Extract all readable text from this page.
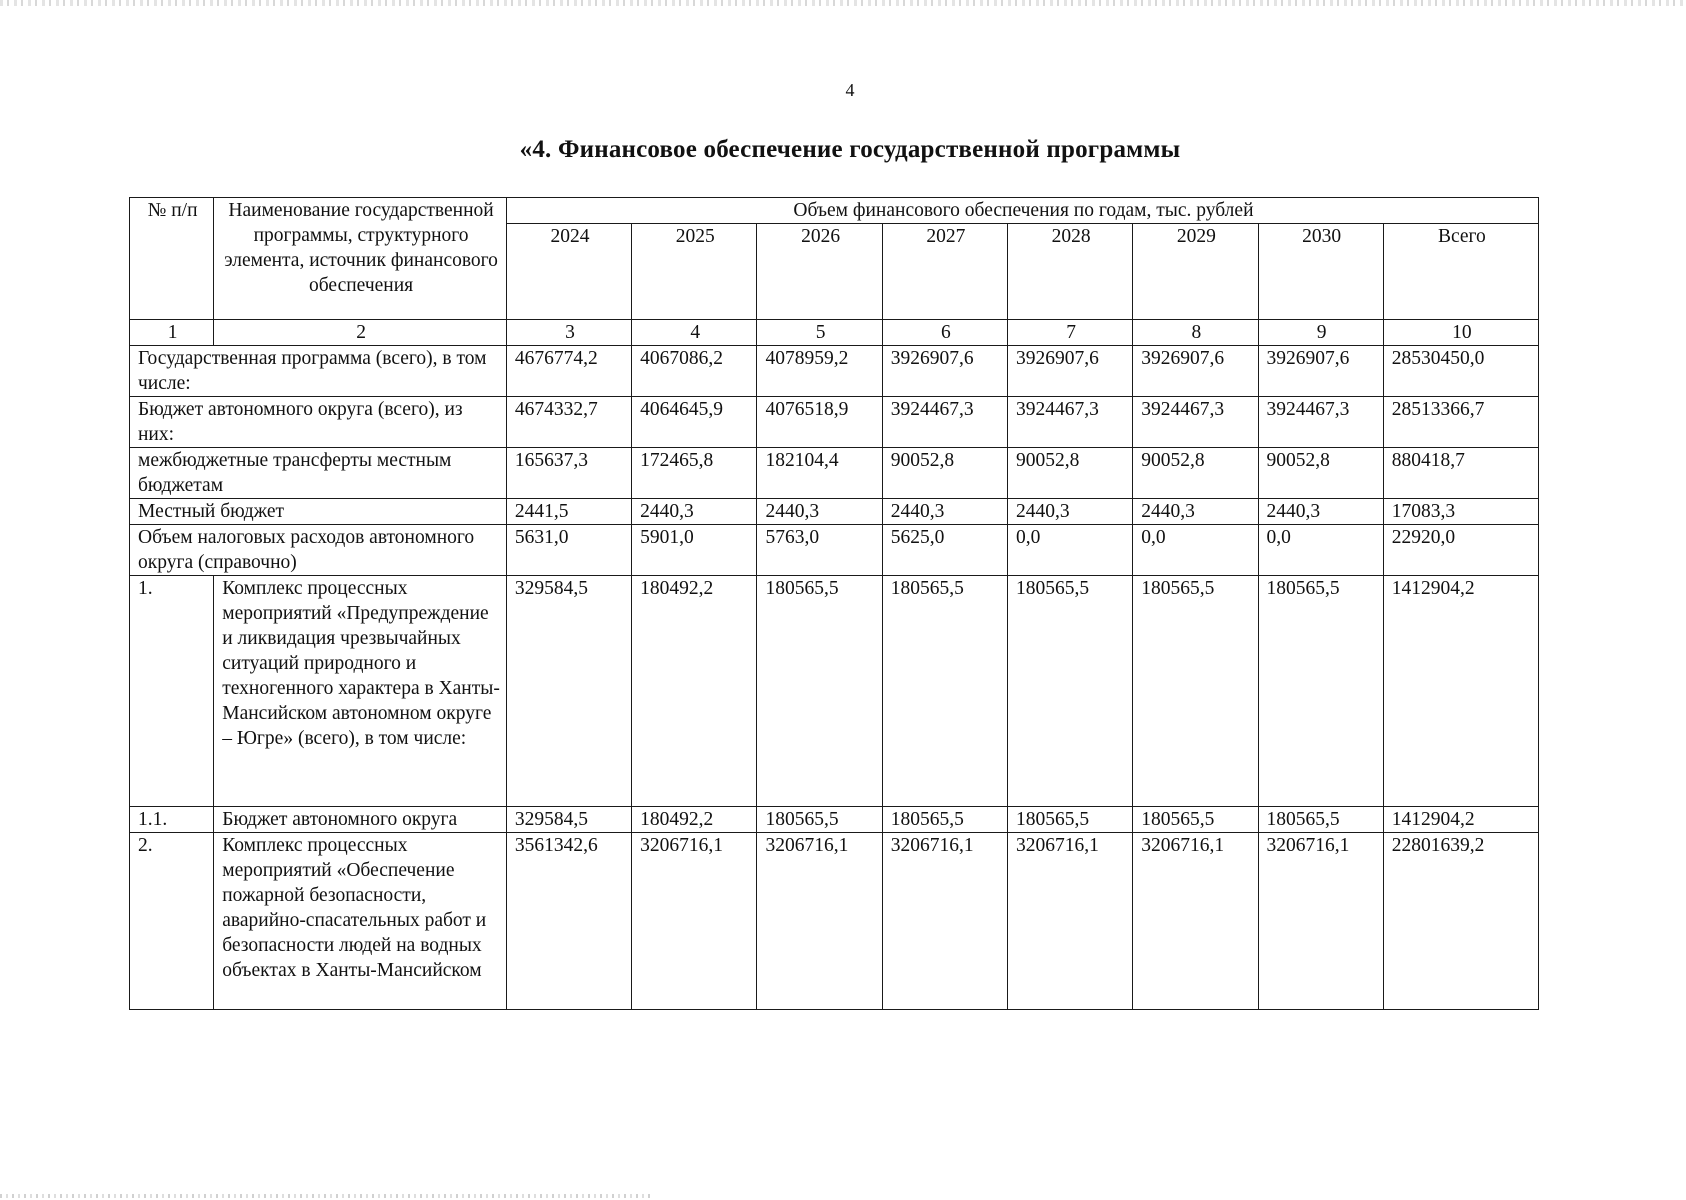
4
«4. Финансовое обеспечение государственной программы
№ п/п	Наименование государственной программы, структурного элемента, источник финансового обеспечения	Объем финансового обеспечения по годам, тыс. рублей							
		2024	2025	2026	2027	2028	2029	2030	Всего
1	2	3	4	5	6	7	8	9	10
Государственная программа (всего), в том числе:		4676774,2	4067086,2	4078959,2	3926907,6	3926907,6	3926907,6	3926907,6	28530450,0
Бюджет автономного округа (всего), из них:		4674332,7	4064645,9	4076518,9	3924467,3	3924467,3	3924467,3	3924467,3	28513366,7
межбюджетные трансферты местным бюджетам		165637,3	172465,8	182104,4	90052,8	90052,8	90052,8	90052,8	880418,7
Местный бюджет		2441,5	2440,3	2440,3	2440,3	2440,3	2440,3	2440,3	17083,3
Объем налоговых расходов автономного округа (справочно)		5631,0	5901,0	5763,0	5625,0	0,0	0,0	0,0	22920,0
1.	Комплекс процессных мероприятий «Предупреждение и ликвидация чрезвычайных ситуаций природного и техногенного характера в Ханты-Мансийском автономном округе – Югре» (всего), в том числе:	329584,5	180492,2	180565,5	180565,5	180565,5	180565,5	180565,5	1412904,2
1.1.	Бюджет автономного округа	329584,5	180492,2	180565,5	180565,5	180565,5	180565,5	180565,5	1412904,2
2.	Комплекс процессных мероприятий «Обеспечение пожарной безопасности, аварийно-спасательных работ и безопасности людей на водных объектах в Ханты-Мансийском	3561342,6	3206716,1	3206716,1	3206716,1	3206716,1	3206716,1	3206716,1	22801639,2
